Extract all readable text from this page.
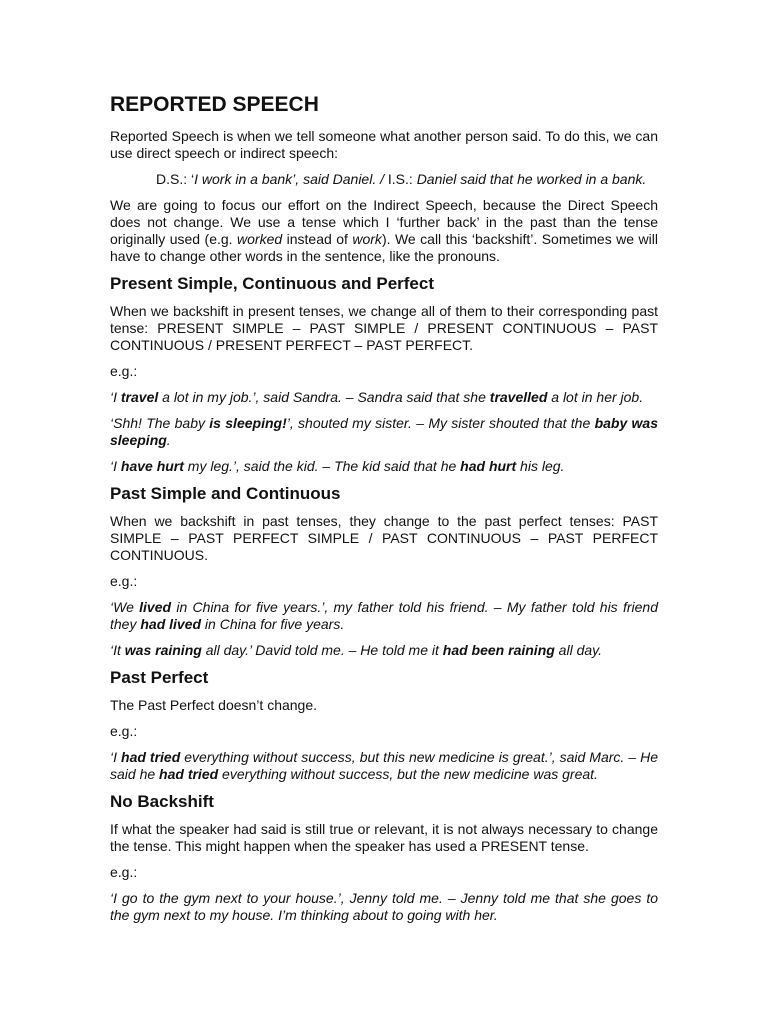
REPORTED SPEECH

Reported Speech is when we tell someone what another person said. To do this, we can use direct speech or indirect speech:

D.S.: ‘I work in a bank’, said Daniel. / I.S.: Daniel said that he worked in a bank.

We are going to focus our effort on the Indirect Speech, because the Direct Speech does not change. We use a tense which I ‘further back’ in the past than the tense originally used (e.g. worked instead of work). We call this ‘backshift’. Sometimes we will have to change other words in the sentence, like the pronouns.

Present Simple, Continuous and Perfect

When we backshift in present tenses, we change all of them to their corresponding past tense: PRESENT SIMPLE – PAST SIMPLE / PRESENT CONTINUOUS – PAST CONTINUOUS / PRESENT PERFECT – PAST PERFECT.

e.g.:

‘I travel a lot in my job.’, said Sandra. – Sandra said that she travelled a lot in her job.

‘Shh! The baby is sleeping!’, shouted my sister. – My sister shouted that the baby was sleeping.

‘I have hurt my leg.’, said the kid. – The kid said that he had hurt his leg.

Past Simple and Continuous

When we backshift in past tenses, they change to the past perfect tenses: PAST SIMPLE – PAST PERFECT SIMPLE / PAST CONTINUOUS – PAST PERFECT CONTINUOUS.

e.g.:

‘We lived in China for five years.’, my father told his friend. – My father told his friend they had lived in China for five years.

‘It was raining all day.’ David told me. – He told me it had been raining all day.

Past Perfect

The Past Perfect doesn’t change.

e.g.:

‘I had tried everything without success, but this new medicine is great.’, said Marc. – He said he had tried everything without success, but the new medicine was great.

No Backshift

If what the speaker had said is still true or relevant, it is not always necessary to change the tense. This might happen when the speaker has used a PRESENT tense.

e.g.:

‘I go to the gym next to your house.’, Jenny told me. – Jenny told me that she goes to the gym next to my house. I’m thinking about to going with her.
